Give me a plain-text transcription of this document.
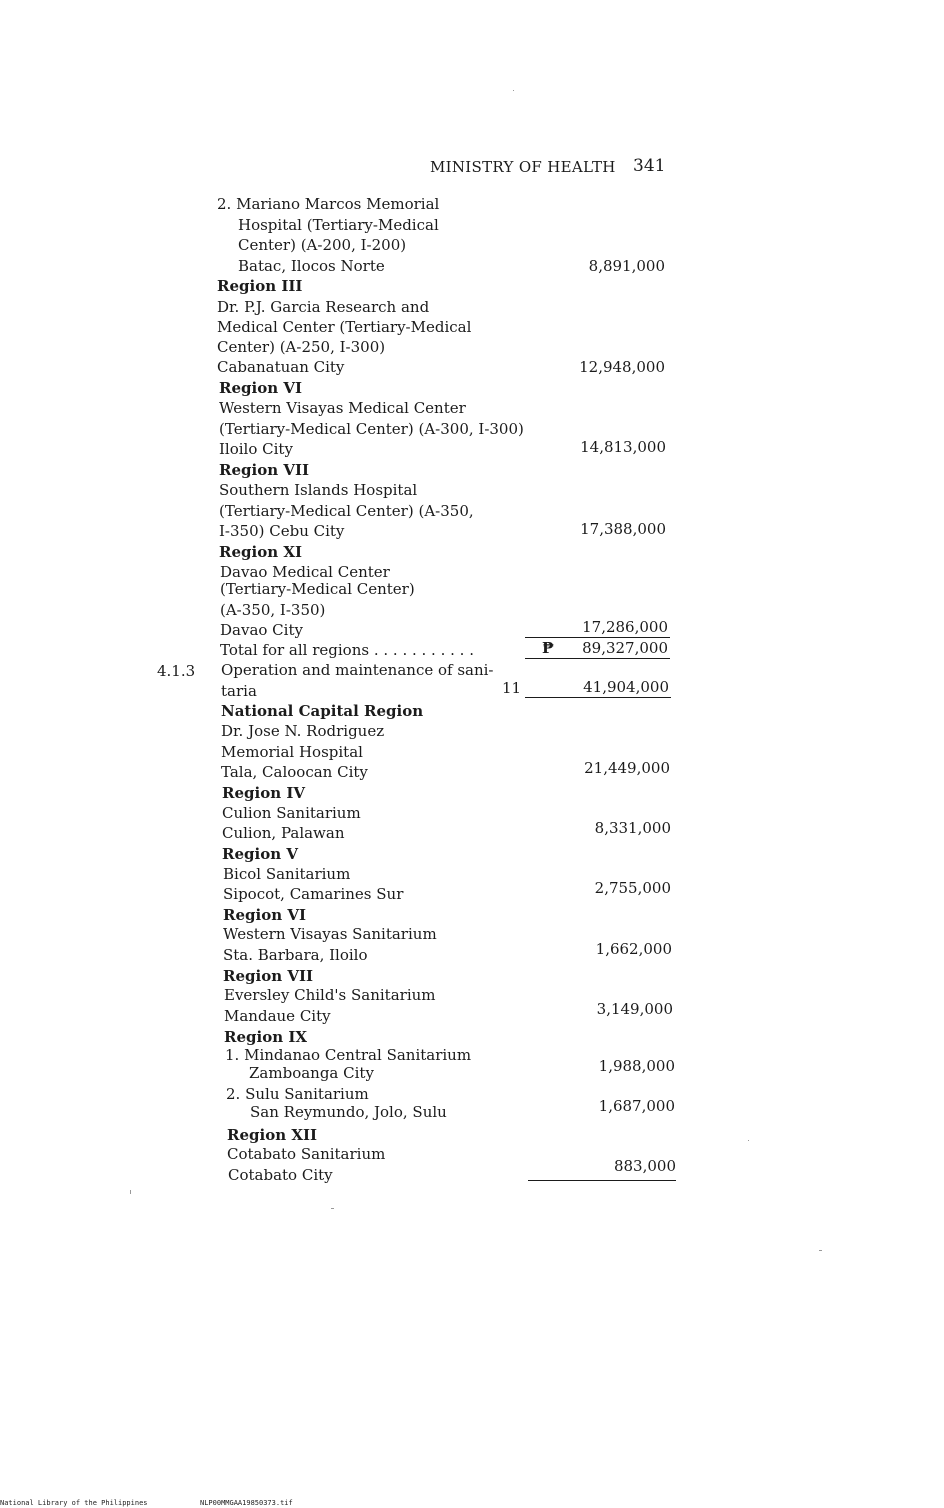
MINISTRY OF HEALTH 341
2. Mariano Marcos Memorial
Hospital (Tertiary-Medical
Center) (A-200, I-200)
Batac, Ilocos Norte	8,891,000
Region III
Dr. P.J. Garcia Research and
Medical Center (Tertiary-Medical
Center) (A-250, I-300)
Cabanatuan City	12,948,000
Region VI
Western Visayas Medical Center
(Tertiary-Medical Center) (A-300, I-300)
Iloilo City	14,813,000
Region VII
Southern Islands Hospital
(Tertiary-Medical Center) (A-350,
I-350) Cebu City	17,388,000
Region XI
Davao Medical Center
(Tertiary-Medical Center)
(A-350, I-350)
Davao City	17,286,000
Total for all regions . . . . . . . . . . .	₱	89,327,000
4.1.3 Operation and maintenance of sani-
taria	11	41,904,000
National Capital Region
Dr. Jose N. Rodriguez
Memorial Hospital
Tala, Caloocan City	21,449,000
Region IV
Culion Sanitarium
Culion, Palawan	8,331,000
Region V
Bicol Sanitarium
Sipocot, Camarines Sur	2,755,000
Region VI
Western Visayas Sanitarium
Sta. Barbara, Iloilo	1,662,000
Region VII
Eversley Child's Sanitarium
Mandaue City	3,149,000
Region IX
1. Mindanao Central Sanitarium
Zamboanga City	1,988,000
2. Sulu Sanitarium
San Reymundo, Jolo, Sulu	1,687,000
Region XII
Cotabato Sanitarium
Cotabato City	883,000
National Library of the Philippines	NLP00MMGAA19850373.tif
